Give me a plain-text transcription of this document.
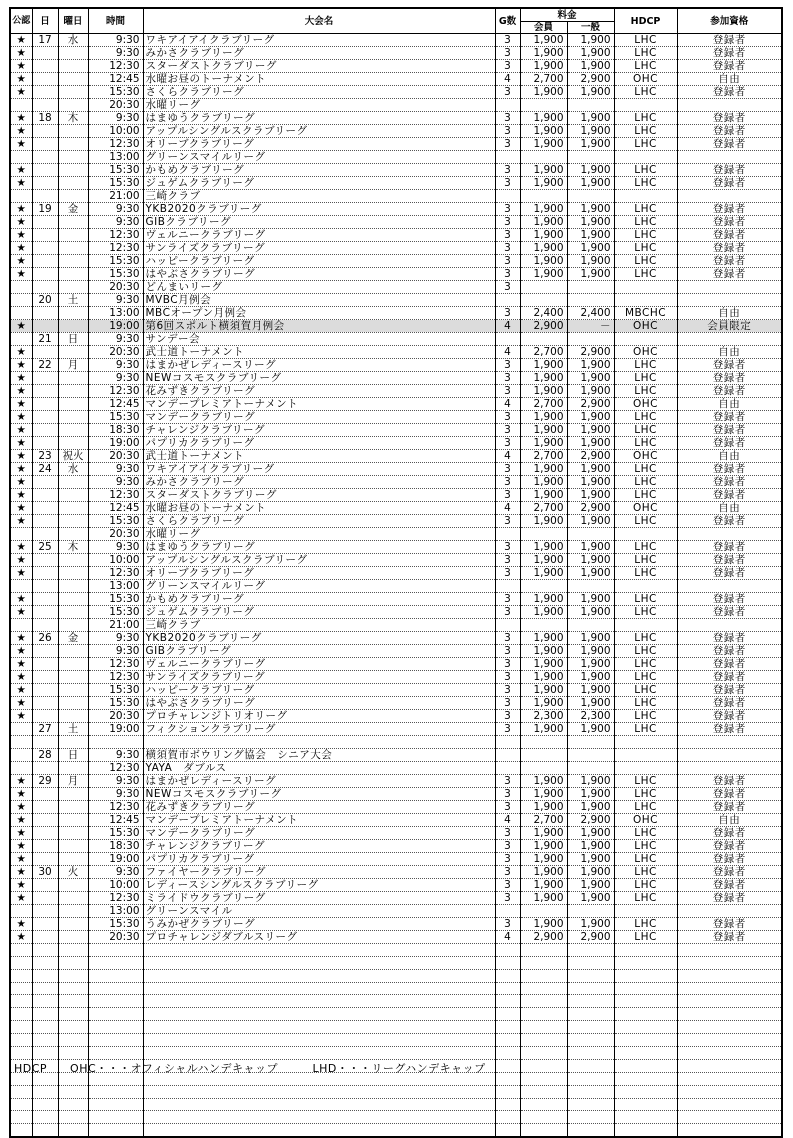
公認	日	曜日	時間	大会名	G数	料金		HDCP	参加資格
						会員	一般		
★	17	水	9:30	ワキアイアイクラブリーグ	3	1,900	1,900	LHC	登録者
★			9:30	みかさクラブリーグ	3	1,900	1,900	LHC	登録者
★			12:30	スターダストクラブリーグ	3	1,900	1,900	LHC	登録者
★			12:45	水曜お昼のトーナメント	4	2,700	2,900	OHC	自由
★			15:30	さくらクラブリーグ	3	1,900	1,900	LHC	登録者
			20:30	水曜リーグ					
★	18	木	9:30	はまゆうクラブリーグ	3	1,900	1,900	LHC	登録者
★			10:00	アップルシングルスクラブリーグ	3	1,900	1,900	LHC	登録者
★			12:30	オリーブクラブリーグ	3	1,900	1,900	LHC	登録者
			13:00	グリーンスマイルリーグ					
★			15:30	かもめクラブリーグ	3	1,900	1,900	LHC	登録者
★			15:30	ジュゲムクラブリーグ	3	1,900	1,900	LHC	登録者
			21:00	三崎クラブ					
★	19	金	9:30	YKB2020クラブリーグ	3	1,900	1,900	LHC	登録者
★			9:30	GIBクラブリーグ	3	1,900	1,900	LHC	登録者
★			12:30	ヴェルニークラブリーグ	3	1,900	1,900	LHC	登録者
★			12:30	サンライズクラブリーグ	3	1,900	1,900	LHC	登録者
★			15:30	ハッピークラブリーグ	3	1,900	1,900	LHC	登録者
★			15:30	はやぶさクラブリーグ	3	1,900	1,900	LHC	登録者
			20:30	どんまいリーグ	3				
	20	土	9:30	MVBC月例会					
			13:00	MBCオープン月例会	3	2,400	2,400	MBCHC	自由
★			19:00	第6回スポルト横須賀月例会	4	2,900	－	OHC	会員限定
	21	日	9:30	サンデー会					
★			20:30	武士道トーナメント	4	2,700	2,900	OHC	自由
★	22	月	9:30	はまかぜレディースリーグ	3	1,900	1,900	LHC	登録者
★			9:30	NEWコスモスクラブリーグ	3	1,900	1,900	LHC	登録者
★			12:30	花みずきクラブリーグ	3	1,900	1,900	LHC	登録者
★			12:45	マンデープレミアトーナメント	4	2,700	2,900	OHC	自由
★			15:30	マンデークラブリーグ	3	1,900	1,900	LHC	登録者
★			18:30	チャレンジクラブリーグ	3	1,900	1,900	LHC	登録者
★			19:00	パプリカクラブリーグ	3	1,900	1,900	LHC	登録者
★	23	祝火	20:30	武士道トーナメント	4	2,700	2,900	OHC	自由
★	24	水	9:30	ワキアイアイクラブリーグ	3	1,900	1,900	LHC	登録者
★			9:30	みかさクラブリーグ	3	1,900	1,900	LHC	登録者
★			12:30	スターダストクラブリーグ	3	1,900	1,900	LHC	登録者
★			12:45	水曜お昼のトーナメント	4	2,700	2,900	OHC	自由
★			15:30	さくらクラブリーグ	3	1,900	1,900	LHC	登録者
			20:30	水曜リーグ					
★	25	木	9:30	はまゆうクラブリーグ	3	1,900	1,900	LHC	登録者
★			10:00	アップルシングルスクラブリーグ	3	1,900	1,900	LHC	登録者
★			12:30	オリーブクラブリーグ	3	1,900	1,900	LHC	登録者
			13:00	グリーンスマイルリーグ					
★			15:30	かもめクラブリーグ	3	1,900	1,900	LHC	登録者
★			15:30	ジュゲムクラブリーグ	3	1,900	1,900	LHC	登録者
			21:00	三崎クラブ					
★	26	金	9:30	YKB2020クラブリーグ	3	1,900	1,900	LHC	登録者
★			9:30	GIBクラブリーグ	3	1,900	1,900	LHC	登録者
★			12:30	ヴェルニークラブリーグ	3	1,900	1,900	LHC	登録者
★			12:30	サンライズクラブリーグ	3	1,900	1,900	LHC	登録者
★			15:30	ハッピークラブリーグ	3	1,900	1,900	LHC	登録者
★			15:30	はやぶさクラブリーグ	3	1,900	1,900	LHC	登録者
★			20:30	プロチャレンジトリオリーグ	3	2,300	2,300	LHC	登録者
	27	土	19:00	フィクションクラブリーグ	3	1,900	1,900	LHC	登録者

	28	日	9:30	横須賀市ボウリング協会　シニア大会					
			12:30	YAYA　ダブルス					
★	29	月	9:30	はまかぜレディースリーグ	3	1,900	1,900	LHC	登録者
★			9:30	NEWコスモスクラブリーグ	3	1,900	1,900	LHC	登録者
★			12:30	花みずきクラブリーグ	3	1,900	1,900	LHC	登録者
★			12:45	マンデープレミアトーナメント	4	2,700	2,900	OHC	自由
★			15:30	マンデークラブリーグ	3	1,900	1,900	LHC	登録者
★			18:30	チャレンジクラブリーグ	3	1,900	1,900	LHC	登録者
★			19:00	パプリカクラブリーグ	3	1,900	1,900	LHC	登録者
★	30	火	9:30	ファイヤークラブリーグ	3	1,900	1,900	LHC	登録者
★			10:00	レディースシングルスクラブリーグ	3	1,900	1,900	LHC	登録者
★			12:30	ミライドウクラブリーグ	3	1,900	1,900	LHC	登録者
			13:00	グリーンスマイル					
★			15:30	うみかぜクラブリーグ	3	1,900	1,900	LHC	登録者
★			20:30	プロチャレンジダブルスリーグ	4	2,900	2,900	LHC	登録者

HDCP　　OHC・・・オフィシャルハンデキャップ　　　LHD・・・リーグハンデキャップ
